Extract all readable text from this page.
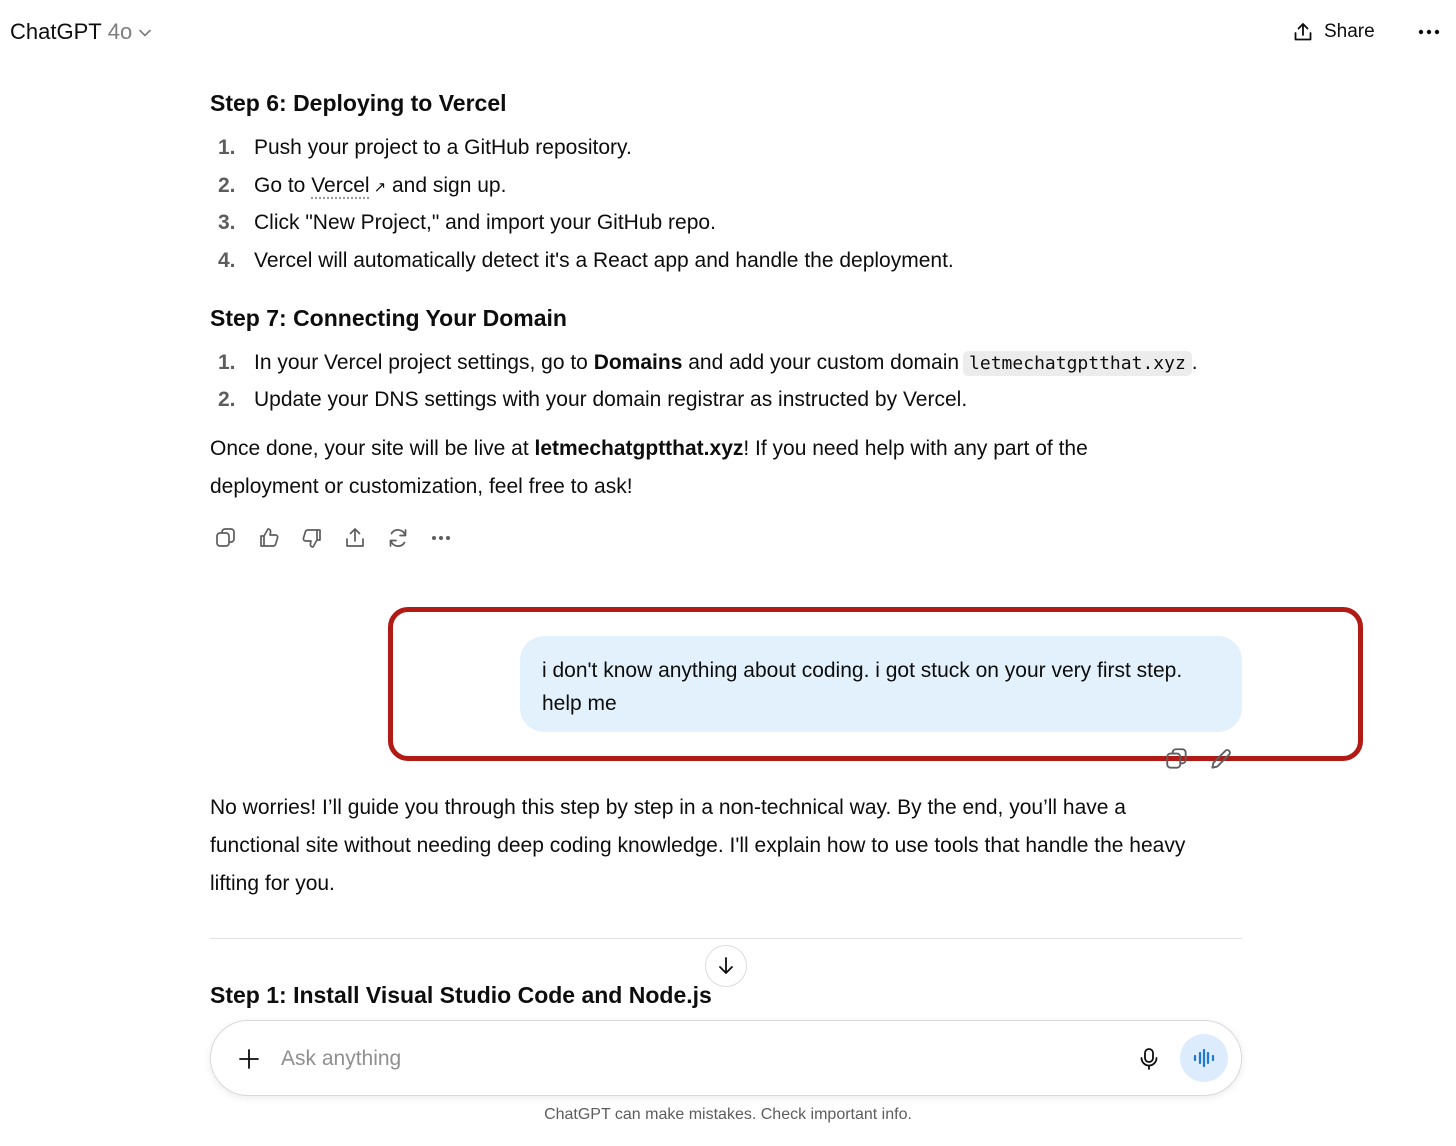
ChatGPT 4o	Share
Step 6: Deploying to Vercel
1. Push your project to a GitHub repository.
2. Go to Vercel ↗ and sign up.
3. Click "New Project," and import your GitHub repo.
4. Vercel will automatically detect it's a React app and handle the deployment.
Step 7: Connecting Your Domain
1. In your Vercel project settings, go to Domains and add your custom domain letmechatgptthat.xyz .
2. Update your DNS settings with your domain registrar as instructed by Vercel.
Once done, your site will be live at letmechatgptthat.xyz! If you need help with any part of the
deployment or customization, feel free to ask!
i don't know anything about coding. i got stuck on your very first step.
help me
No worries! I’ll guide you through this step by step in a non-technical way. By the end, you’ll have a
functional site without needing deep coding knowledge. I'll explain how to use tools that handle the heavy
lifting for you.
Step 1: Install Visual Studio Code and Node.js
Ask anything
ChatGPT can make mistakes. Check important info.
